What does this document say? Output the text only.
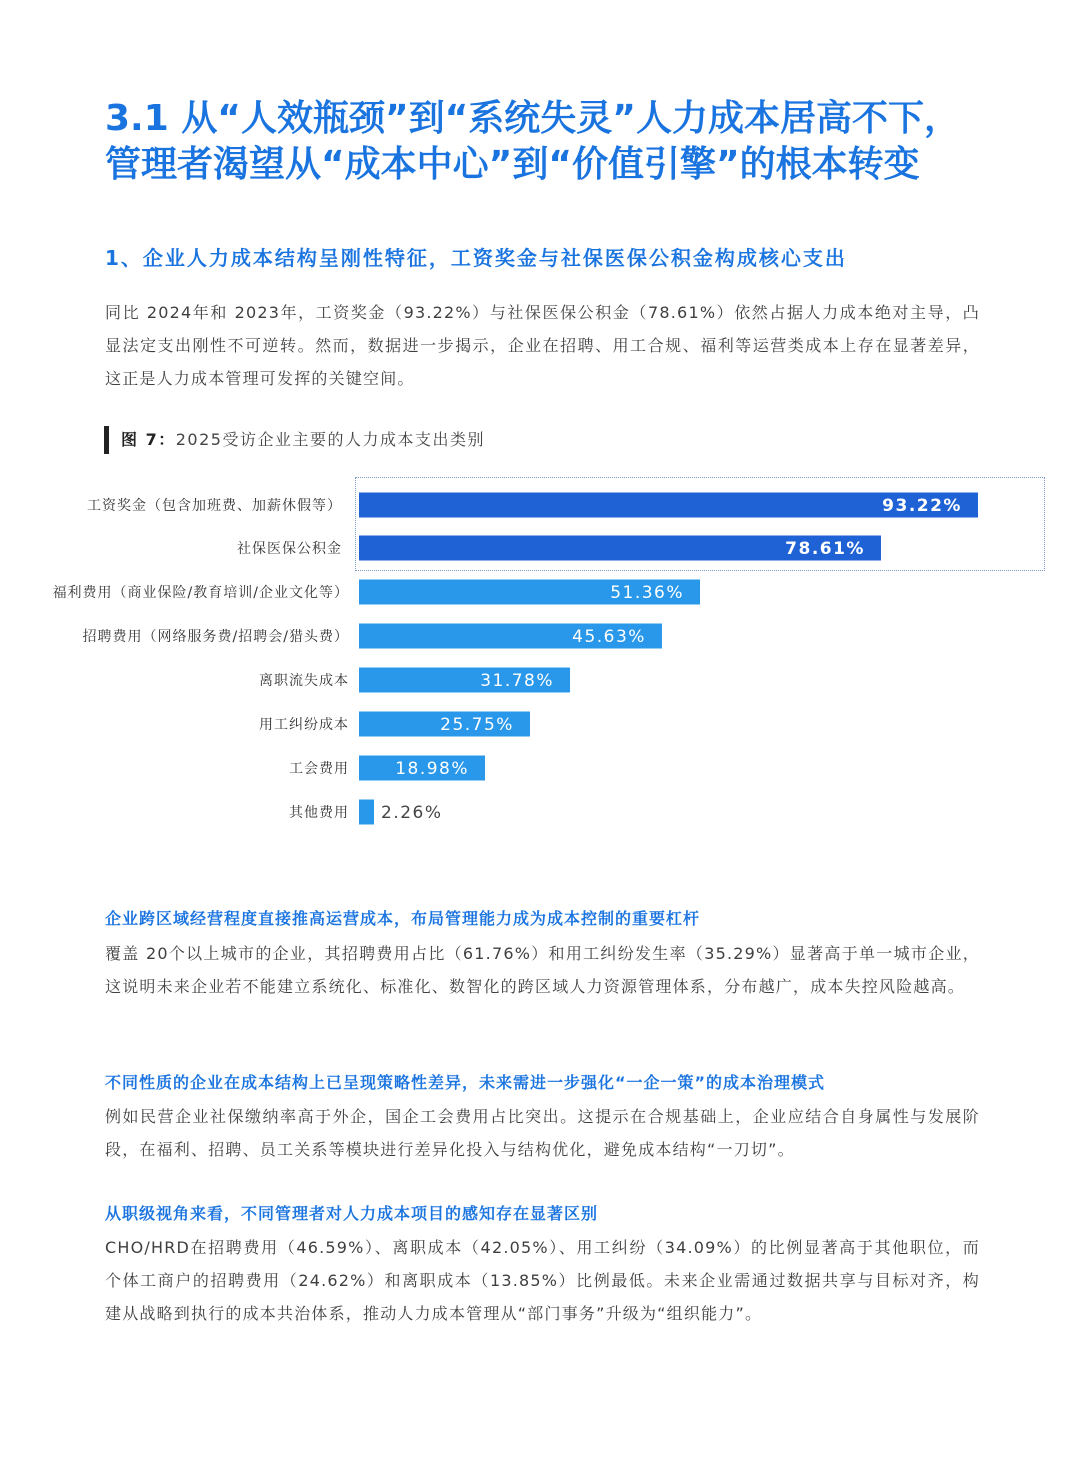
3.1 从“人效瓶颈”到“系统失灵”人力成本居高不下，管理者渴望从“成本中心”到“价值引擎”的根本转变
1、企业人力成本结构呈刚性特征，工资奖金与社保医保公积金构成核心支出

同比 2024年和 2023年，工资奖金（93.22%）与社保医保公积金（78.61%）依然占据人力成本绝对主导，凸显法定支出刚性不可逆转。然而，数据进一步揭示，企业在招聘、用工合规、福利等运营类成本上存在显著差异，这正是人力成本管理可发挥的关键空间。

图 7：2025受访企业主要的人力成本支出类别
工资奖金（包含加班费、加薪休假等）	93.22%
社保医保公积金	78.61%
福利费用（商业保险/教育培训/企业文化等）	51.36%
招聘费用（网络服务费/招聘会/猎头费）	45.63%
离职流失成本	31.78%
用工纠纷成本	25.75%
工会费用	18.98%
其他费用 2.26%
企业跨区域经营程度直接推高运营成本，布局管理能力成为成本控制的重要杠杆

覆盖 20个以上城市的企业，其招聘费用占比（61.76%）和用工纠纷发生率（35.29%）显著高于单一城市企业，这说明未来企业若不能建立系统化、标准化、数智化的跨区域人力资源管理体系，分布越广，成本失控风险越高。

不同性质的企业在成本结构上已呈现策略性差异，未来需进一步强化“一企一策”的成本治理模式

例如民营企业社保缴纳率高于外企，国企工会费用占比突出。这提示在合规基础上，企业应结合自身属性与发展阶段，在福利、招聘、员工关系等模块进行差异化投入与结构优化，避免成本结构“一刀切”。

从职级视角来看，不同管理者对人力成本项目的感知存在显著区别

CHO/HRD在招聘费用（46.59%）、离职成本（42.05%）、用工纠纷（34.09%）的比例显著高于其他职位，而个体工商户的招聘费用（24.62%）和离职成本（13.85%）比例最低。未来企业需通过数据共享与目标对齐，构建从战略到执行的成本共治体系，推动人力成本管理从“部门事务”升级为“组织能力”。
